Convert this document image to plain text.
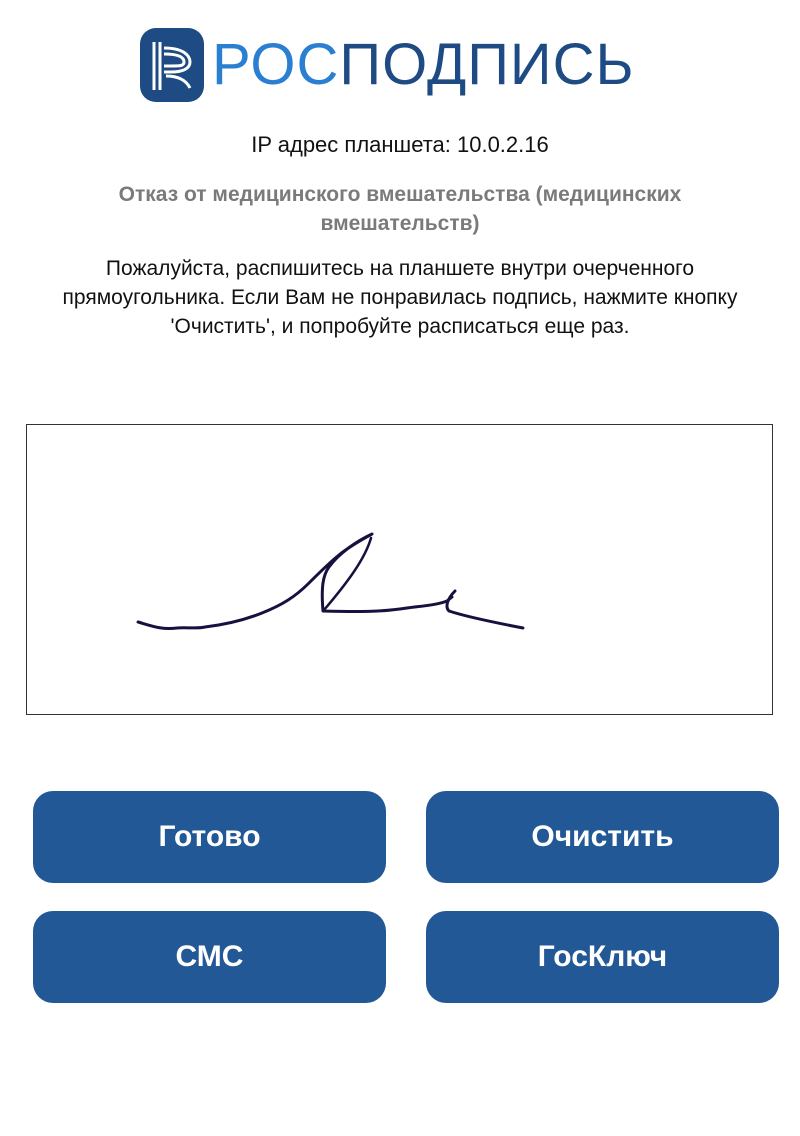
РОСПОДПИСЬ
IP адрес планшета: 10.0.2.16
Отказ от медицинского вмешательства (медицинских вмешательств)
Пожалуйста, распишитесь на планшете внутри очерченного прямоугольника. Если Вам не понравилась подпись, нажмите кнопку 'Очистить', и попробуйте расписаться еще раз.
Готово	Очистить
СМС	ГосКлюч
